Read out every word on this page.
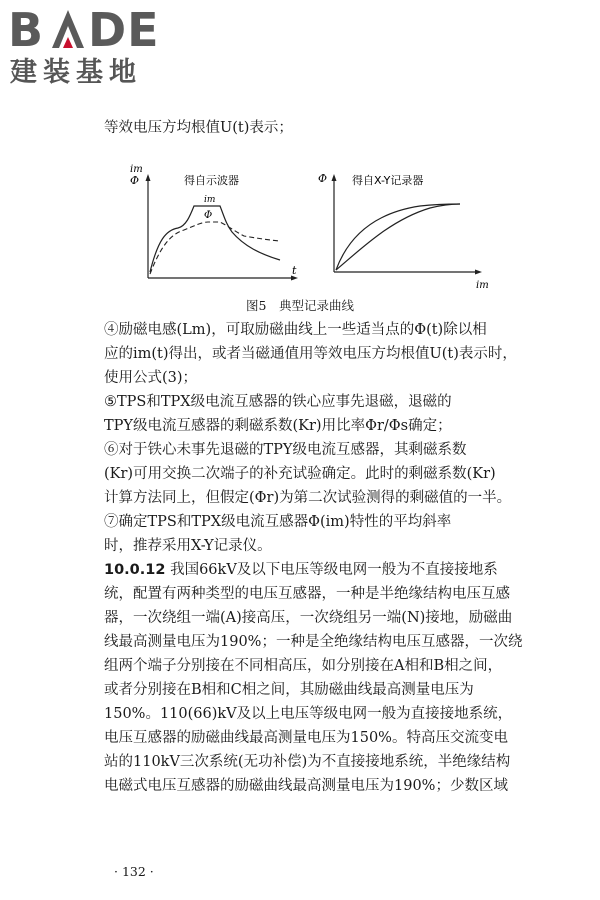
B DE
建装基地
等效电压方均根值U(t)表示；
im
Φ
t
得自示波器
im
Φ
Φ
im
得自X-Y记录器
图5　典型记录曲线
④励磁电感(Lm)，可取励磁曲线上一些适当点的Φ(t)除以相
应的im(t)得出，或者当磁通值用等效电压方均根值U(t)表示时，
使用公式(3)；
⑤TPS和TPX级电流互感器的铁心应事先退磁，退磁的
TPY级电流互感器的剩磁系数(Kr)用比率Φr/Φs确定；
⑥对于铁心未事先退磁的TPY级电流互感器，其剩磁系数
(Kr)可用交换二次端子的补充试验确定。此时的剩磁系数(Kr)
计算方法同上，但假定(Φr)为第二次试验测得的剩磁值的一半。
⑦确定TPS和TPX级电流互感器Φ(im)特性的平均斜率
时，推荐采用X-Y记录仪。
10.0.12 我国66kV及以下电压等级电网一般为不直接接地系
统，配置有两种类型的电压互感器，一种是半绝缘结构电压互感
器，一次绕组一端(A)接高压，一次绕组另一端(N)接地，励磁曲
线最高测量电压为190%；一种是全绝缘结构电压互感器，一次绕
组两个端子分别接在不同相高压，如分别接在A相和B相之间，
或者分别接在B相和C相之间，其励磁曲线最高测量电压为
150%。110(66)kV及以上电压等级电网一般为直接接地系统，
电压互感器的励磁曲线最高测量电压为150%。特高压交流变电
站的110kV三次系统(无功补偿)为不直接接地系统，半绝缘结构
电磁式电压互感器的励磁曲线最高测量电压为190%；少数区域
· 132 ·
